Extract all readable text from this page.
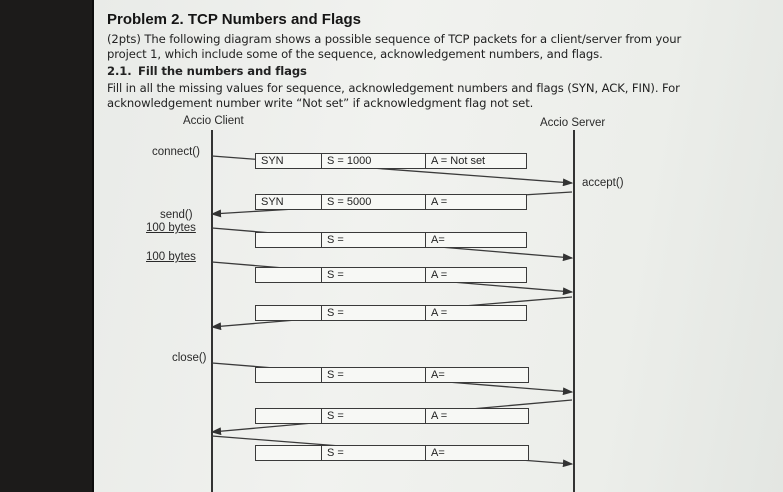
Problem 2. TCP Numbers and Flags
(2pts) The following diagram shows a possible sequence of TCP packets for a client/server from your
project 1, which include some of the sequence, acknowledgement numbers, and flags.
2.1. Fill the numbers and flags
Fill in all the missing values for sequence, acknowledgement numbers and flags (SYN, ACK, FIN). For
acknowledgement number write “Not set” if acknowledgment flag not set.
Accio Client	Accio Server
connect()
accept()
send()
100 bytes
100 bytes
close()
SYN	S = 1000	A = Not set
SYN	S = 5000	A =
S =	A=
S =	A =
S =	A =
S =	A=
S =	A =
S =	A=
